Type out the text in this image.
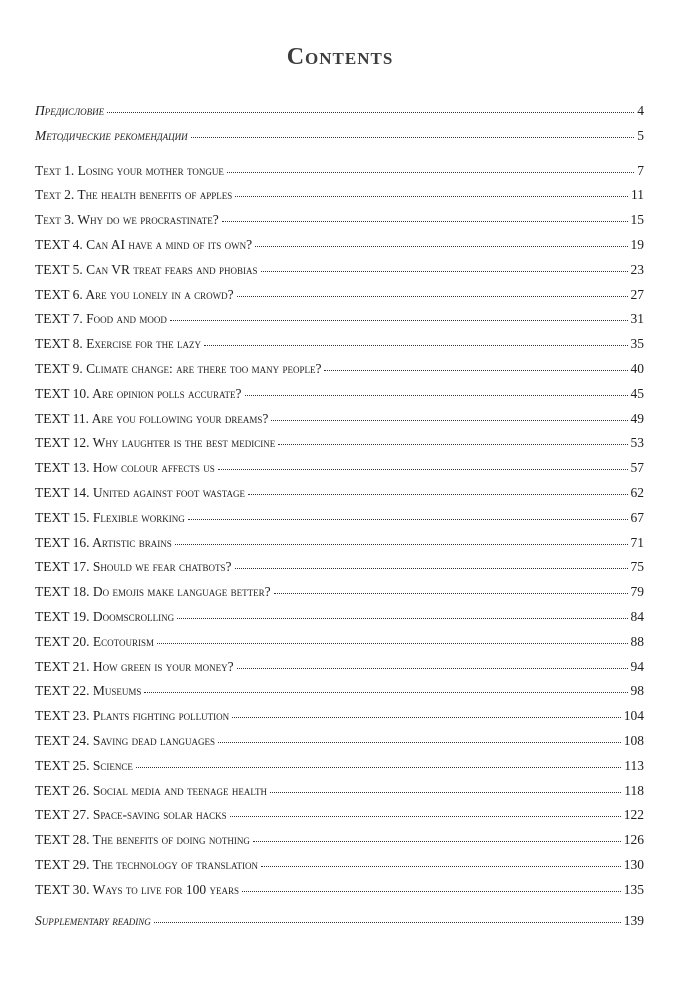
Contents
Предисловие	4
Методические рекомендации	5
Text 1. Losing your mother tongue	7
Text 2. The health benefits of apples	11
Text 3. Why do we procrastinate?	15
TEXT 4. Can AI have a mind of its own?	19
TEXT 5. Can VR treat fears and phobias	23
TEXT 6. Are you lonely in a crowd?	27
TEXT 7. Food and mood	31
TEXT 8. Exercise for the lazy	35
TEXT 9. Climate change: are there too many people?	40
TEXT 10. Are opinion polls accurate?	45
TEXT 11. Are you following your dreams?	49
TEXT 12. Why laughter is the best medicine	53
TEXT 13. How colour affects us	57
TEXT 14. United against foot wastage	62
TEXT 15. Flexible working	67
TEXT 16. Artistic brains	71
TEXT 17. Should we fear chatbots?	75
TEXT 18. Do emojis make language better?	79
TEXT 19. Doomscrolling	84
TEXT 20. Ecotourism	88
TEXT 21. How green is your money?	94
TEXT 22. Museums	98
TEXT 23. Plants fighting pollution	104
TEXT 24. Saving dead languages	108
TEXT 25. Science	113
TEXT 26. Social media and teenage health	118
TEXT 27. Space-saving solar hacks	122
TEXT 28. The benefits of doing nothing	126
TEXT 29. The technology of translation	130
TEXT 30. Ways to live for 100 years	135
Supplementary reading	139
